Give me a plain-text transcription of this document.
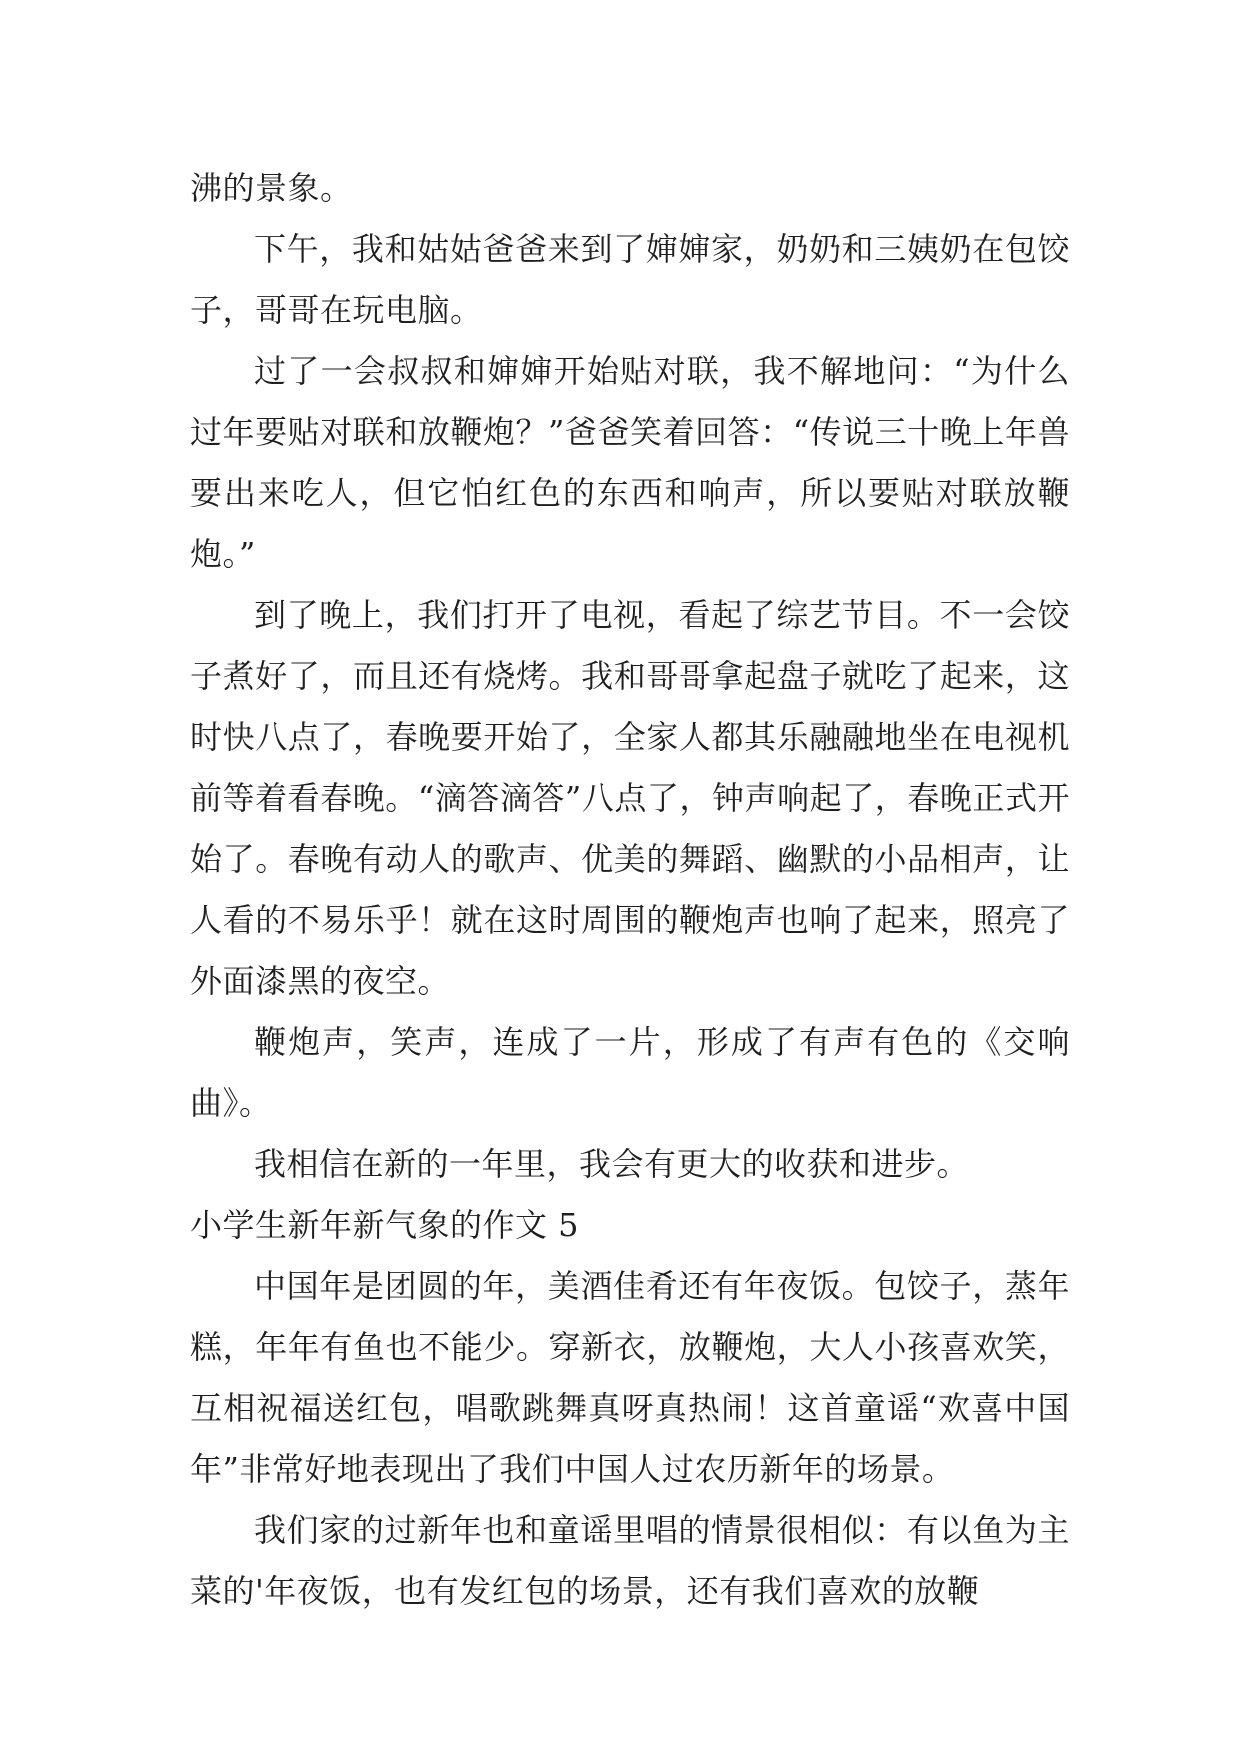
沸的景象。

下午，我和姑姑爸爸来到了婶婶家，奶奶和三姨奶在包饺子，哥哥在玩电脑。

过了一会叔叔和婶婶开始贴对联，我不解地问：“为什么过年要贴对联和放鞭炮？”爸爸笑着回答：“传说三十晚上年兽要出来吃人，但它怕红色的东西和响声，所以要贴对联放鞭炮。”

到了晚上，我们打开了电视，看起了综艺节目。不一会饺子煮好了，而且还有烧烤。我和哥哥拿起盘子就吃了起来，这时快八点了，春晚要开始了，全家人都其乐融融地坐在电视机前等着看春晚。“滴答滴答”八点了，钟声响起了，春晚正式开始了。春晚有动人的歌声、优美的舞蹈、幽默的小品相声，让人看的不易乐乎！就在这时周围的鞭炮声也响了起来，照亮了外面漆黑的夜空。

鞭炮声，笑声，连成了一片，形成了有声有色的《交响曲》。

我相信在新的一年里，我会有更大的收获和进步。

小学生新年新气象的作文 5

中国年是团圆的年，美酒佳肴还有年夜饭。包饺子，蒸年糕，年年有鱼也不能少。穿新衣，放鞭炮，大人小孩喜欢笑，互相祝福送红包，唱歌跳舞真呀真热闹！这首童谣“欢喜中国年”非常好地表现出了我们中国人过农历新年的场景。

我们家的过新年也和童谣里唱的情景很相似：有以鱼为主菜的'年夜饭，也有发红包的场景，还有我们喜欢的放鞭
